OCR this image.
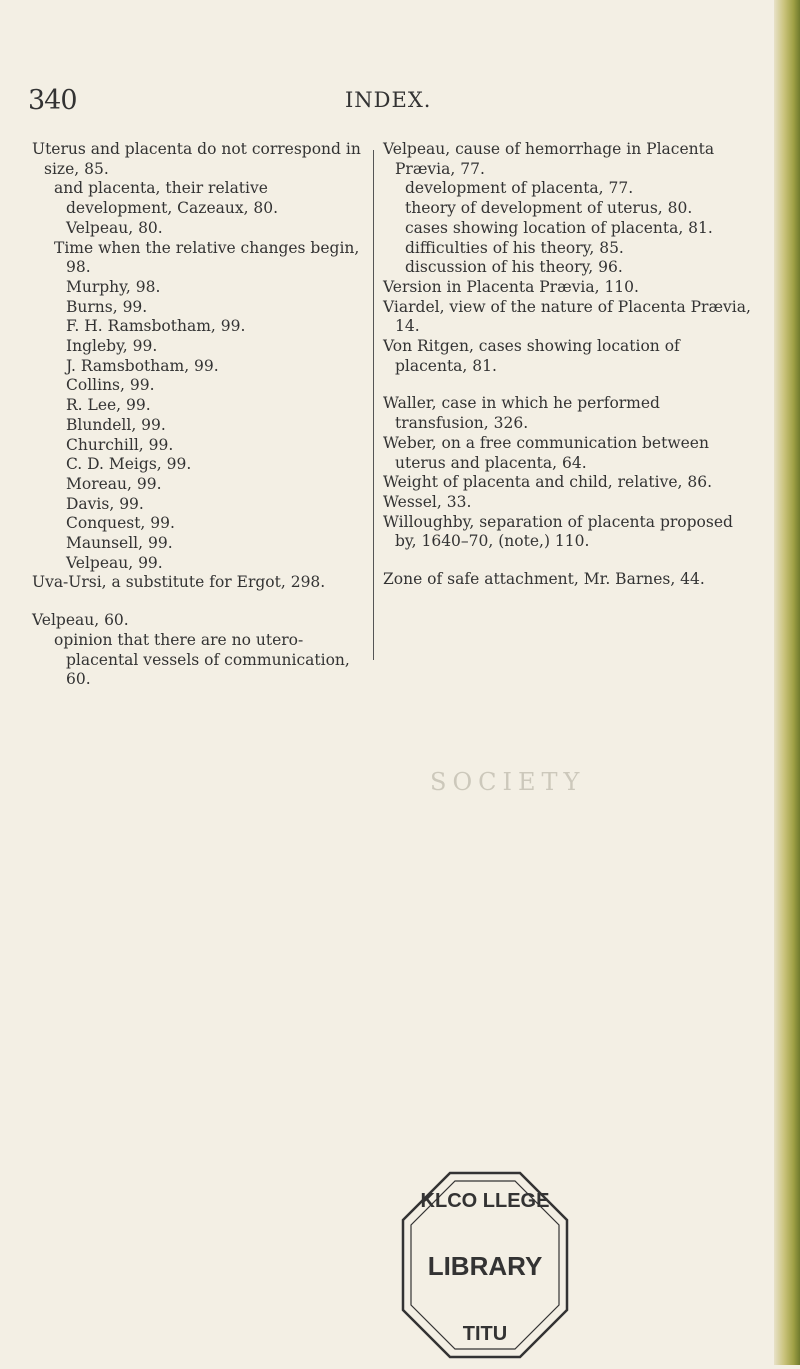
340	INDEX.
Uterus and placenta do not correspond in size, 85.
and placenta, their relative development, Cazeaux, 80.
Velpeau, 80.
Time when the relative changes begin, 98.
Murphy, 98.
Burns, 99.
F. H. Ramsbotham, 99.
Ingleby, 99.
J. Ramsbotham, 99.
Collins, 99.
R. Lee, 99.
Blundell, 99.
Churchill, 99.
C. D. Meigs, 99.
Moreau, 99.
Davis, 99.
Conquest, 99.
Maunsell, 99.
Velpeau, 99.
Uva-Ursi, a substitute for Ergot, 298.
Velpeau, 60.
opinion that there are no utero-placental vessels of communication, 60.
Velpeau, cause of hemorrhage in Placenta Prævia, 77.
development of placenta, 77.
theory of development of uterus, 80.
cases showing location of placenta, 81.
difficulties of his theory, 85.
discussion of his theory, 96.
Version in Placenta Prævia, 110.
Viardel, view of the nature of Placenta Prævia, 14.
Von Ritgen, cases showing location of placenta, 81.
Waller, case in which he performed transfusion, 326.
Weber, on a free communication between uterus and placenta, 64.
Weight of placenta and child, relative, 86.
Wessel, 33.
Willoughby, separation of placenta proposed by, 1640–70, (note,) 110.
Zone of safe attachment, Mr. Barnes, 44.
SOCIETY
KLCO LLEGE
LIBRARY
TITU
